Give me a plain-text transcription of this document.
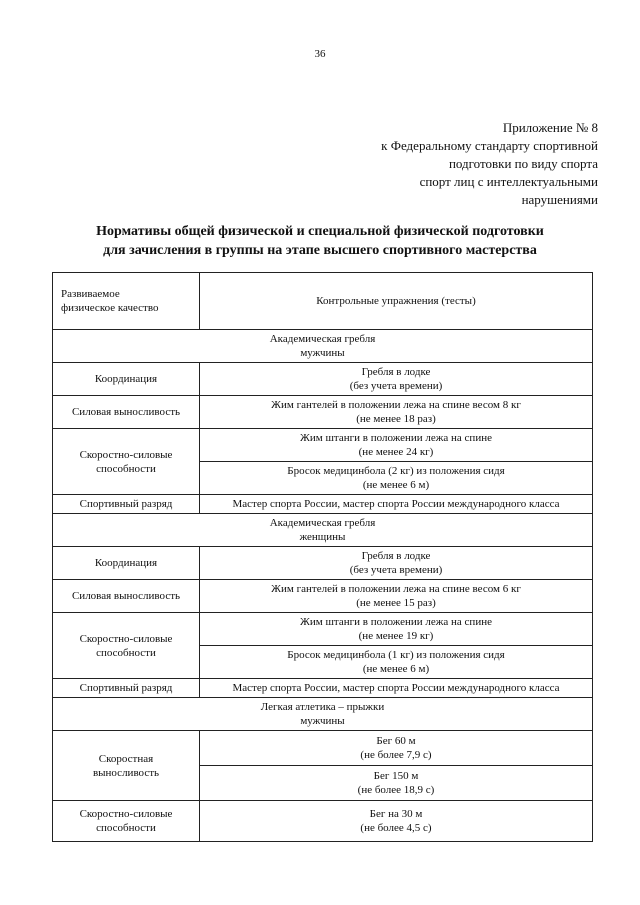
36
Приложение № 8
к Федеральному стандарту спортивной
подготовки по виду спорта
спорт лиц с интеллектуальными
нарушениями
Нормативы общей физической и специальной физической подготовки
для зачисления в группы на этапе высшего спортивного мастерства
Развиваемое
физическое качество	Контрольные упражнения (тесты)

Академическая гребля
мужчины	

Координация	Гребля в лодке
(без учета времени)

Силовая выносливость	Жим гантелей в положении лежа на спине весом 8 кг
(не менее 18 раз)

Скоростно-силовые
способности	Жим штанги в положении лежа на спине
(не менее 24 кг)

	Бросок медицинбола (2 кг) из положения сидя
(не менее 6 м)

Спортивный разряд	Мастер спорта России, мастер спорта России международного класса

Академическая гребля
женщины	

Координация	Гребля в лодке
(без учета времени)

Силовая выносливость	Жим гантелей в положении лежа на спине весом 6 кг
(не менее 15 раз)

Скоростно-силовые
способности	Жим штанги в положении лежа на спине
(не менее 19 кг)

	Бросок медицинбола (1 кг) из положения сидя
(не менее 6 м)

Спортивный разряд	Мастер спорта России, мастер спорта России международного класса

Легкая атлетика – прыжки
мужчины	

Скоростная
выносливость	Бег 60 м
(не более 7,9 с)

	Бег 150 м
(не более 18,9 с)

Скоростно-силовые
способности	Бег на 30 м
(не более 4,5 с)
